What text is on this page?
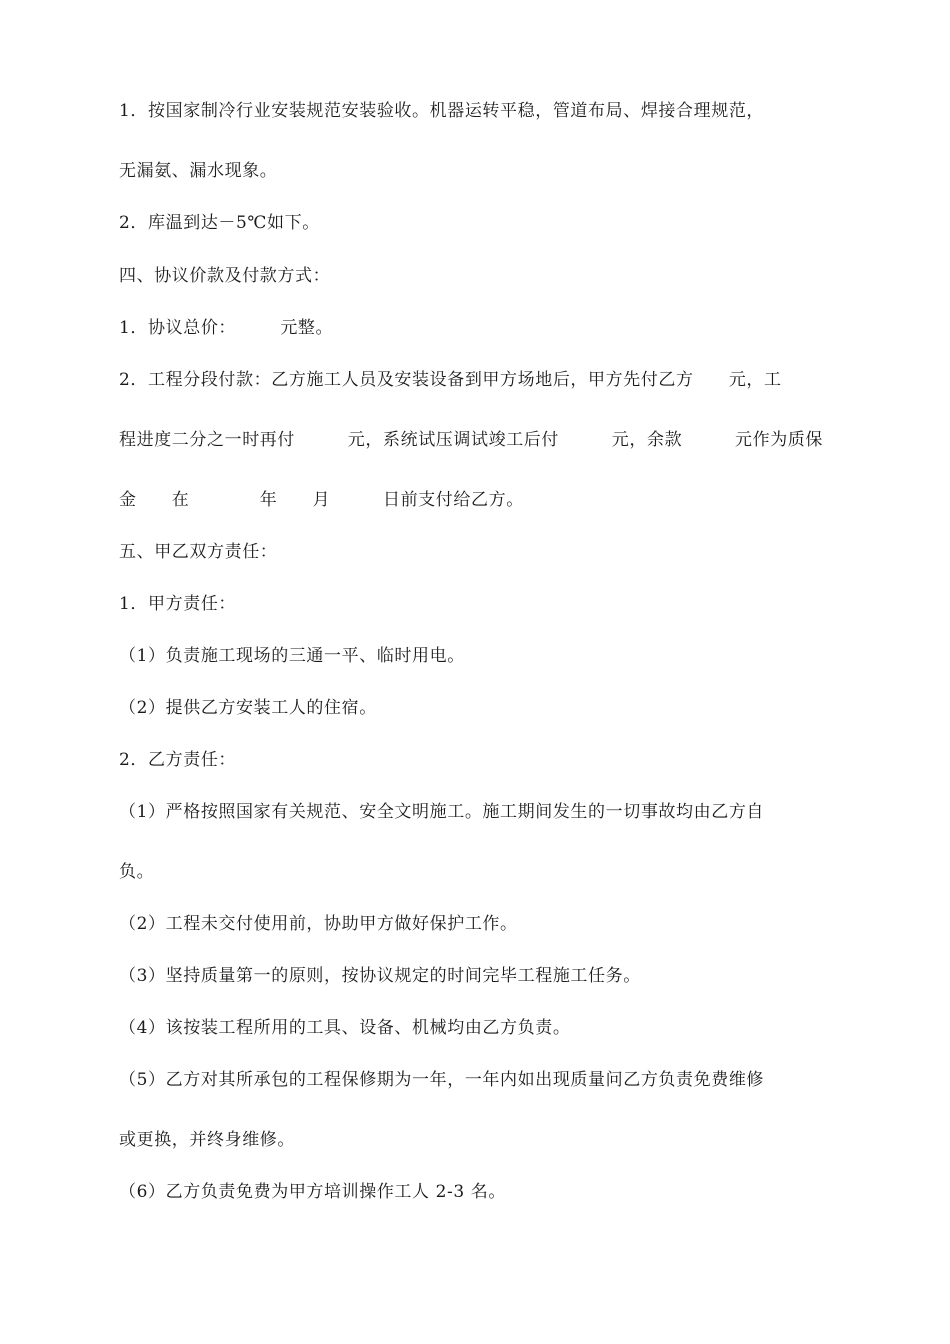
1．按国家制冷行业安装规范安装验收。机器运转平稳，管道布局、焊接合理规范，
无漏氨、漏水现象。
2．库温到达－5℃如下。
四、协议价款及付款方式：
1．协议总价：　　　元整。
2．工程分段付款：乙方施工人员及安装设备到甲方场地后，甲方先付乙方　　元，工
程进度二分之一时再付　　　元，系统试压调试竣工后付　　　元，余款　　　元作为质保
金　　在　　　　年　　月　　　日前支付给乙方。
五、甲乙双方责任：
1．甲方责任：
（1）负责施工现场的三通一平、临时用电。
（2）提供乙方安装工人的住宿。
2．乙方责任：
（1）严格按照国家有关规范、安全文明施工。施工期间发生的一切事故均由乙方自
负。
（2）工程未交付使用前，协助甲方做好保护工作。
（3）坚持质量第一的原则，按协议规定的时间完毕工程施工任务。
（4）该按装工程所用的工具、设备、机械均由乙方负责。
（5）乙方对其所承包的工程保修期为一年，一年内如出现质量问乙方负责免费维修
或更换，并终身维修。
（6）乙方负责免费为甲方培训操作工人 2-3 名。
